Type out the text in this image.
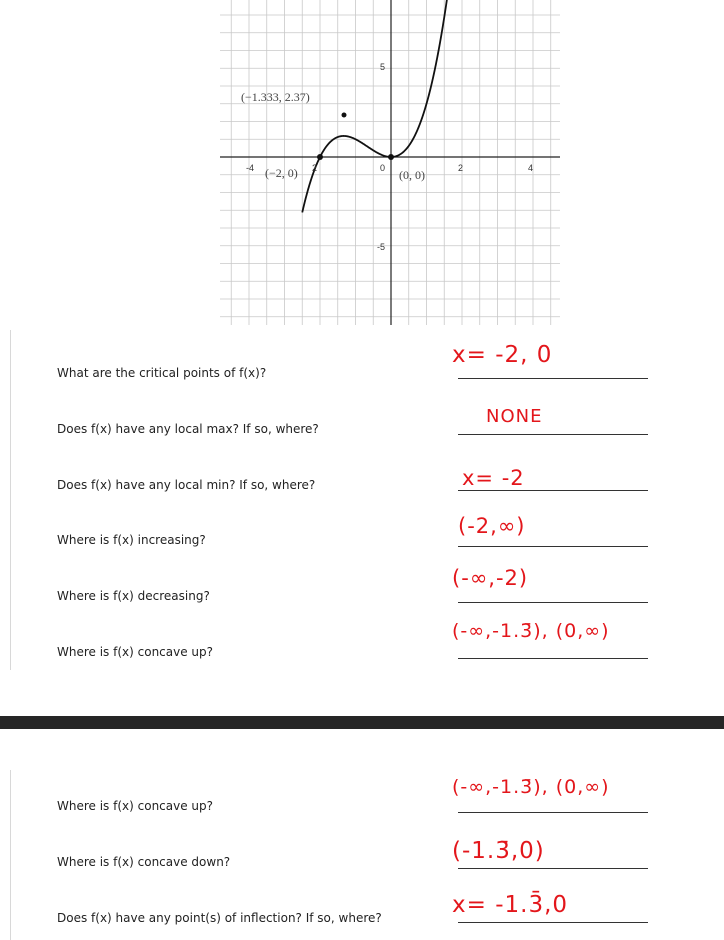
-4	2	0	2	4
5
-5
(−1.333, 2.37)
(−2, 0)	(0, 0)
What are the critical points of f(x)?
x= -2, 0
Does f(x) have any local max? If so, where?
NONE
Does f(x) have any local min? If so, where?	x= -2
Where is f(x) increasing?
(-2,∞)
Where is f(x) decreasing?
(-∞,-2)
Where is f(x) concave up?
(-∞,-1.3̄), (0,∞)
Where is f(x) concave up?
(-∞,-1.3̄), (0,∞)
Where is f(x) concave down?	(-1.3̄,0)
Does f(x) have any point(s) of inflection? If so, where?	x= -1.3̄,0
